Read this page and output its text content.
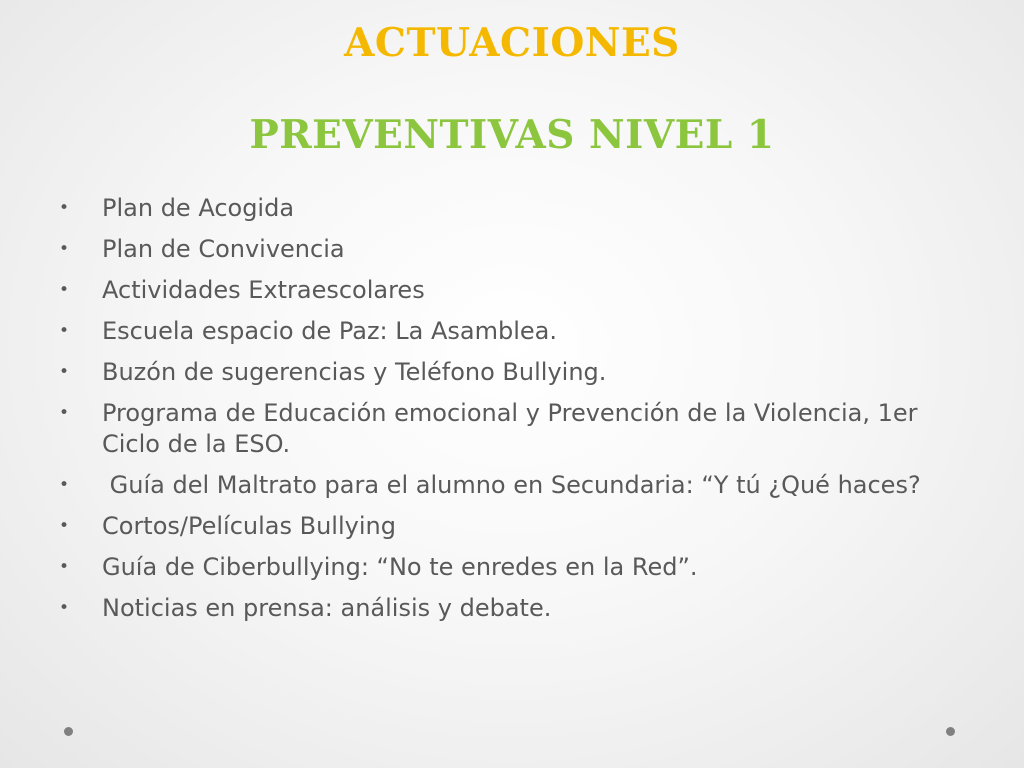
ACTUACIONES
PREVENTIVAS NIVEL 1
• Plan de Acogida
• Plan de Convivencia
• Actividades Extraescolares
• Escuela espacio de Paz: La Asamblea.
• Buzón de sugerencias y Teléfono Bullying.
• Programa de Educación emocional y Prevención de la Violencia, 1er Ciclo de la ESO.
• Guía del Maltrato para el alumno en Secundaria: “Y tú ¿Qué haces?
• Cortos/Películas Bullying
• Guía de Ciberbullying: “No te enredes en la Red”.
• Noticias en prensa: análisis y debate.
